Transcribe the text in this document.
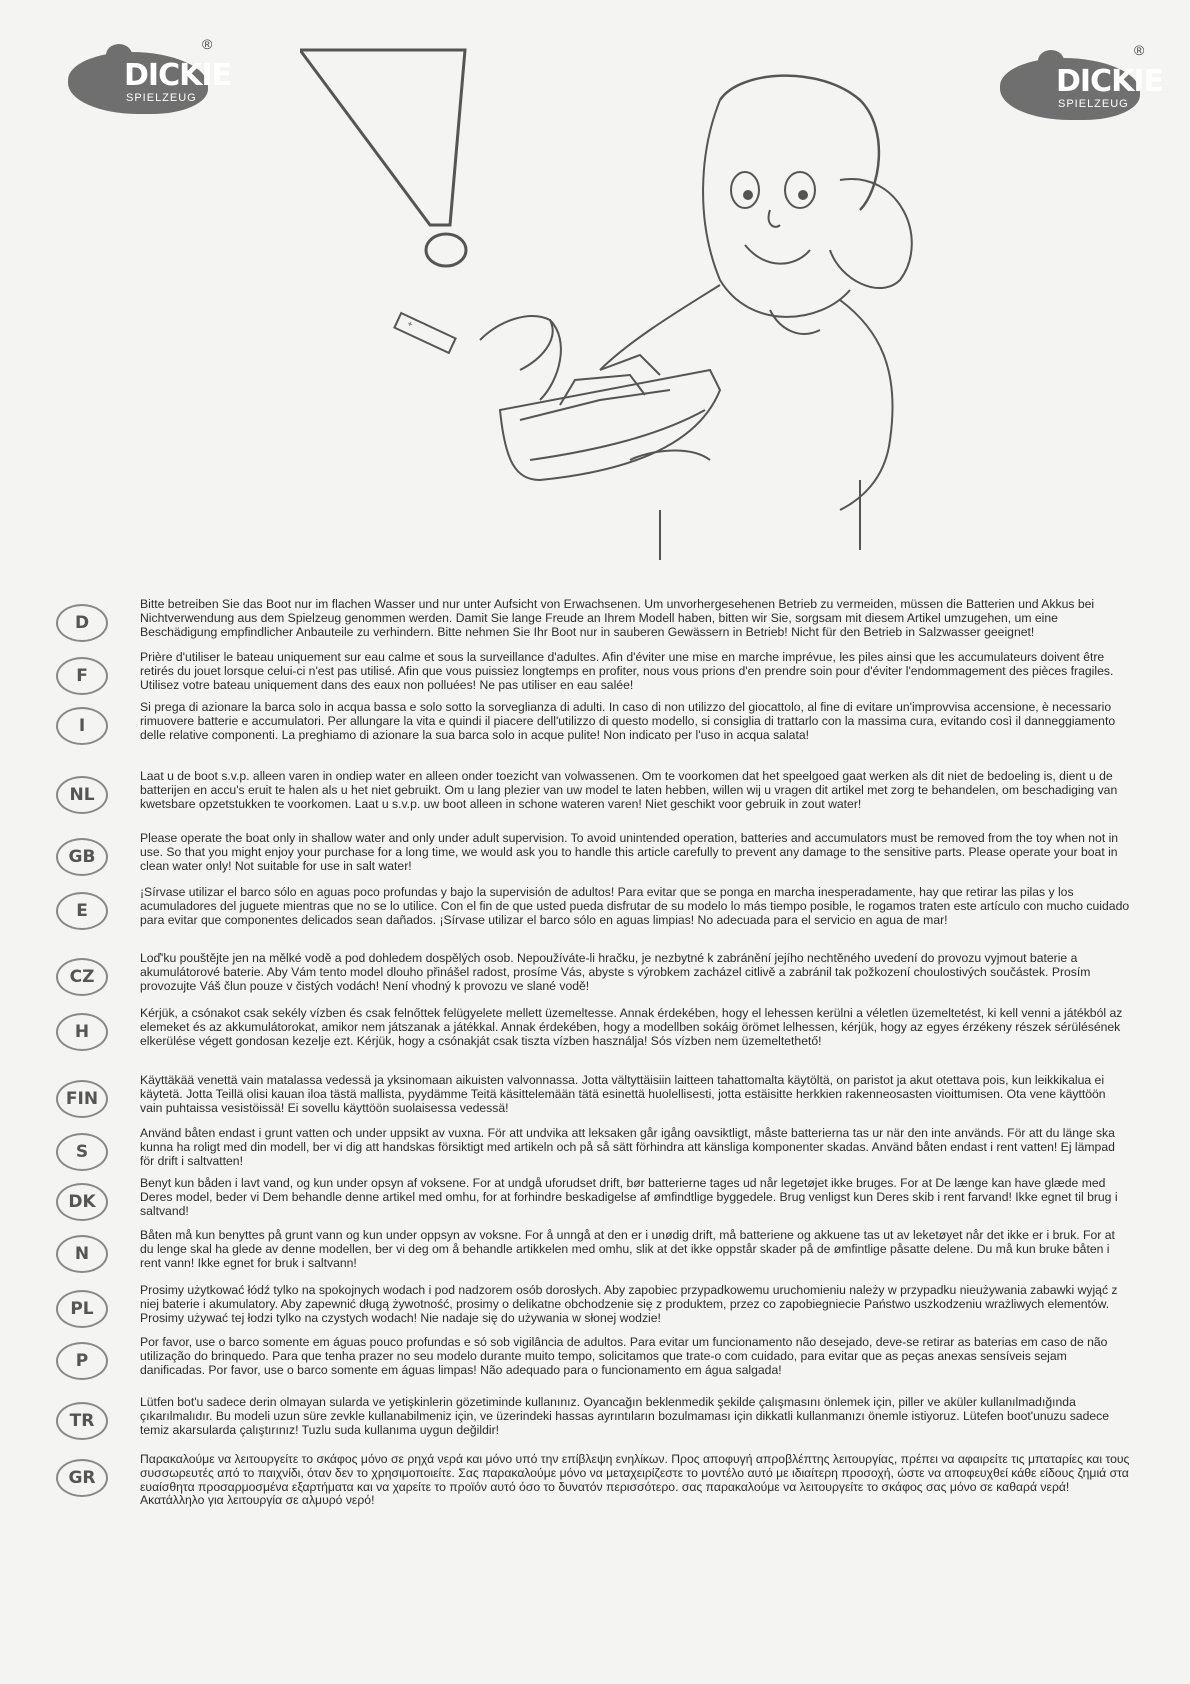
DICKIE
SPIELZEUG
®
DICKIE
SPIELZEUG
®
+
D
Bitte betreiben Sie das Boot nur im flachen Wasser und nur unter Aufsicht von Erwachsenen. Um unvorhergesehenen Betrieb zu vermeiden, müssen die Batterien und Akkus bei Nichtverwendung aus dem Spielzeug genommen werden. Damit Sie lange Freude an Ihrem Modell haben, bitten wir Sie, sorgsam mit diesem Artikel umzugehen, um eine Beschädigung empfindlicher Anbauteile zu verhindern. Bitte nehmen Sie Ihr Boot nur in sauberen Gewässern in Betrieb! Nicht für den Betrieb in Salzwasser geeignet!
F
Prière d'utiliser le bateau uniquement sur eau calme et sous la surveillance d'adultes. Afin d'éviter une mise en marche imprévue, les piles ainsi que les accumulateurs doivent être retirés du jouet lorsque celui-ci n'est pas utilisé. Afin que vous puissiez longtemps en profiter, nous vous prions d'en prendre soin pour d'éviter l'endommagement des pièces fragiles. Utilisez votre bateau uniquement dans des eaux non polluées! Ne pas utiliser en eau salée!
I
Si prega di azionare la barca solo in acqua bassa e solo sotto la sorveglianza di adulti. In caso di non utilizzo del giocattolo, al fine di evitare un'improvvisa accensione, è necessario rimuovere batterie e accumulatori. Per allungare la vita e quindi il piacere dell'utilizzo di questo modello, si consiglia di trattarlo con la massima cura, evitando così il danneggiamento delle relative componenti. La preghiamo di azionare la sua barca solo in acque pulite! Non indicato per l'uso in acqua salata!
NL
Laat u de boot s.v.p. alleen varen in ondiep water en alleen onder toezicht van volwassenen. Om te voorkomen dat het speelgoed gaat werken als dit niet de bedoeling is, dient u de batterijen en accu's eruit te halen als u het niet gebruikt. Om u lang plezier van uw model te laten hebben, willen wij u vragen dit artikel met zorg te behandelen, om beschadiging van kwetsbare opzetstukken te voorkomen. Laat u s.v.p. uw boot alleen in schone wateren varen! Niet geschikt voor gebruik in zout water!
GB
Please operate the boat only in shallow water and only under adult supervision. To avoid unintended operation, batteries and accumulators must be removed from the toy when not in use. So that you might enjoy your purchase for a long time, we would ask you to handle this article carefully to prevent any damage to the sensitive parts. Please operate your boat in clean water only! Not suitable for use in salt water!
E
¡Sírvase utilizar el barco sólo en aguas poco profundas y bajo la supervisión de adultos! Para evitar que se ponga en marcha inesperadamente, hay que retirar las pilas y los acumuladores del juguete mientras que no se lo utilice. Con el fin de que usted pueda disfrutar de su modelo lo más tiempo posible, le rogamos traten este artículo con mucho cuidado para evitar que componentes delicados sean dañados. ¡Sírvase utilizar el barco sólo en aguas limpias! No adecuada para el servicio en agua de mar!
CZ
Loď'ku pouštějte jen na mělké vodě a pod dohledem dospělých osob. Nepoužíváte-li hračku, je nezbytné k zabránění jejího nechtěného uvedení do provozu vyjmout baterie a akumulátorové baterie. Aby Vám tento model dlouho přinášel radost, prosíme Vás, abyste s výrobkem zacházel citlivě a zabránil tak požkození choulostivých součástek. Prosím provozujte Váš člun pouze v čistých vodách! Není vhodný k provozu ve slané vodě!
H
Kérjük, a csónakot csak sekély vízben és csak felnőttek felügyelete mellett üzemeltesse. Annak érdekében, hogy el lehessen kerülni a véletlen üzemeltetést, ki kell venni a játékból az elemeket és az akkumulátorokat, amikor nem játszanak a játékkal. Annak érdekében, hogy a modellben sokáig örömet lelhessen, kérjük, hogy az egyes érzékeny részek sérülésének elkerülése végett gondosan kezelje ezt. Kérjük, hogy a csónakját csak tiszta vízben használja! Sós vízben nem üzemeltethető!
FIN
Käyttäkää venettä vain matalassa vedessä ja yksinomaan aikuisten valvonnassa. Jotta vältyttäisiin laitteen tahattomalta käytöltä, on paristot ja akut otettava pois, kun leikkikalua ei käytetä. Jotta Teillä olisi kauan iloa tästä mallista, pyydämme Teitä käsittelemään tätä esinettä huolellisesti, jotta estäisitte herkkien rakenneosasten vioittumisen. Ota vene käyttöön vain puhtaissa vesistöissä! Ei sovellu käyttöön suolaisessa vedessä!
S
Använd båten endast i grunt vatten och under uppsikt av vuxna. För att undvika att leksaken går igång oavsiktligt, måste batterierna tas ur när den inte används. För att du länge ska kunna ha roligt med din modell, ber vi dig att handskas försiktigt med artikeln och på så sätt förhindra att känsliga komponenter skadas. Använd båten endast i rent vatten! Ej lämpad för drift i saltvatten!
DK
Benyt kun båden i lavt vand, og kun under opsyn af voksene. For at undgå uforudset drift, bør batterierne tages ud når legetøjet ikke bruges. For at De længe kan have glæde med Deres model, beder vi Dem behandle denne artikel med omhu, for at forhindre beskadigelse af ømfindtlige byggedele. Brug venligst kun Deres skib i rent farvand! Ikke egnet til brug i saltvand!
N
Båten må kun benyttes på grunt vann og kun under oppsyn av voksne. For å unngå at den er i unødig drift, må batteriene og akkuene tas ut av leketøyet når det ikke er i bruk. For at du lenge skal ha glede av denne modellen, ber vi deg om å behandle artikkelen med omhu, slik at det ikke oppstår skader på de ømfintlige påsatte delene. Du må kun bruke båten i rent vann! Ikke egnet for bruk i saltvann!
PL
Prosimy użytkować łódź tylko na spokojnych wodach i pod nadzorem osób dorosłych. Aby zapobiec przypadkowemu uruchomieniu należy w przypadku nieużywania zabawki wyjąć z niej baterie i akumulatory. Aby zapewnić długą żywotność, prosimy o delikatne obchodzenie się z produktem, przez co zapobiegniecie Państwo uszkodzeniu wrażliwych elementów. Prosimy używać tej łodzi tylko na czystych wodach! Nie nadaje się do używania w słonej wodzie!
P
Por favor, use o barco somente em águas pouco profundas e só sob vigilância de adultos. Para evitar um funcionamento não desejado, deve-se retirar as baterias em caso de não utilização do brinquedo. Para que tenha prazer no seu modelo durante muito tempo, solicitamos que trate-o com cuidado, para evitar que as peças anexas sensíveis sejam danificadas. Por favor, use o barco somente em águas limpas! Não adequado para o funcionamento em água salgada!
TR
Lütfen bot'u sadece derin olmayan sularda ve yetişkinlerin gözetiminde kullanınız. Oyancağın beklenmedik şekilde çalışmasını önlemek için, piller ve aküler kullanılmadığında çıkarılmalıdır. Bu modeli uzun süre zevkle kullanabilmeniz için, ve üzerindeki hassas ayrıntıların bozulmaması için dikkatli kullanmanızı önemle istiyoruz. Lütefen boot'unuzu sadece temiz akarsularda çalıştırınız! Tuzlu suda kullanıma uygun değildir!
GR
Παρακαλούμε να λειτουργείτε το σκάφος μόνο σε ρηχά νερά και μόνο υπό την επίβλεψη ενηλίκων. Προς αποφυγή απροβλέπτης λειτουργίας, πρέπει να αφαιρείτε τις μπαταρίες και τους συσσωρευτές από το παιχνίδι, όταν δεν το χρησιμοποιείτε. Σας παρακαλούμε μόνο να μεταχειρίζεστε το μοντέλο αυτό με ιδιαίτερη προσοχή, ώστε να αποφευχθεί κάθε είδους ζημιά στα ευαίσθητα προσαρμοσμένα εξαρτήματα και να χαρείτε το προϊόν αυτό όσο το δυνατόν περισσότερο. σας παρακαλούμε να λειτουργείτε το σκάφος σας μόνο σε καθαρά νερά! Ακατάλληλο για λειτουργία σε αλμυρό νερό!
